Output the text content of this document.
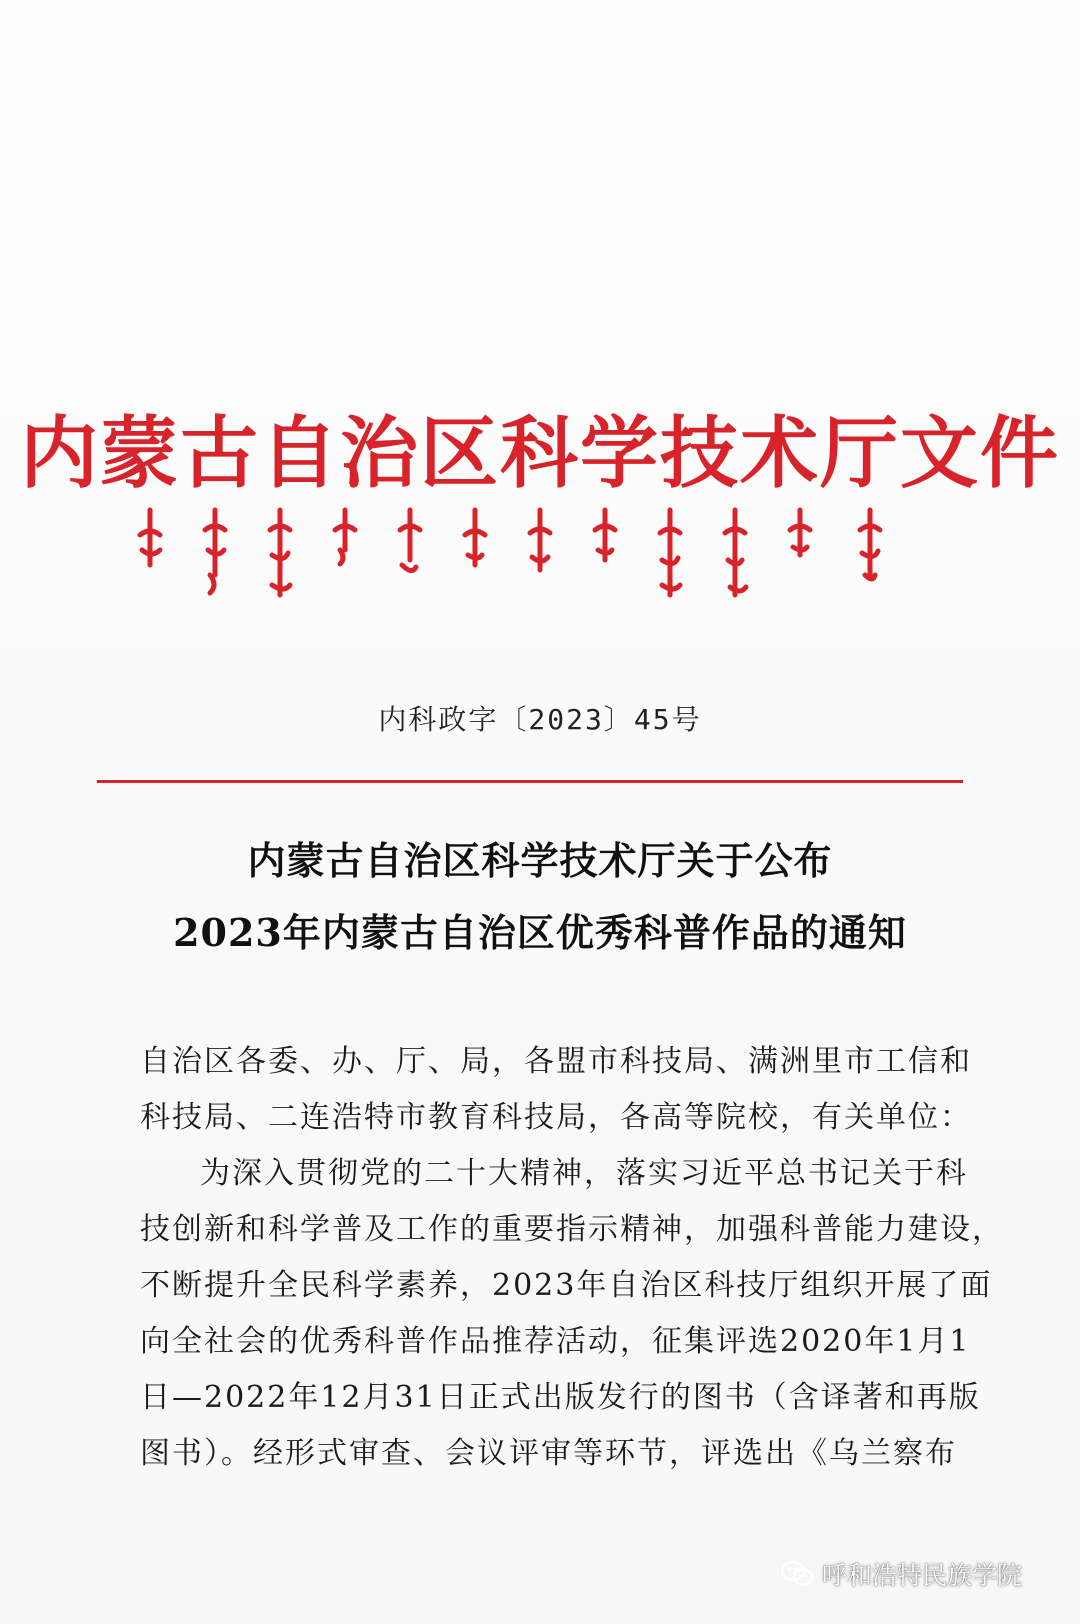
内蒙古自治区科学技术厅文件
内科政字〔2023〕45号
内蒙古自治区科学技术厅关于公布
2023年内蒙古自治区优秀科普作品的通知
自治区各委、办、厅、局，各盟市科技局、满洲里市工信和
科技局、二连浩特市教育科技局，各高等院校，有关单位：
为深入贯彻党的二十大精神，落实习近平总书记关于科
技创新和科学普及工作的重要指示精神，加强科普能力建设，
不断提升全民科学素养，2023年自治区科技厅组织开展了面
向全社会的优秀科普作品推荐活动，征集评选2020年1月1
日—2022年12月31日正式出版发行的图书（含译著和再版
图书）。经形式审查、会议评审等环节，评选出《乌兰察布
呼和浩特民族学院
